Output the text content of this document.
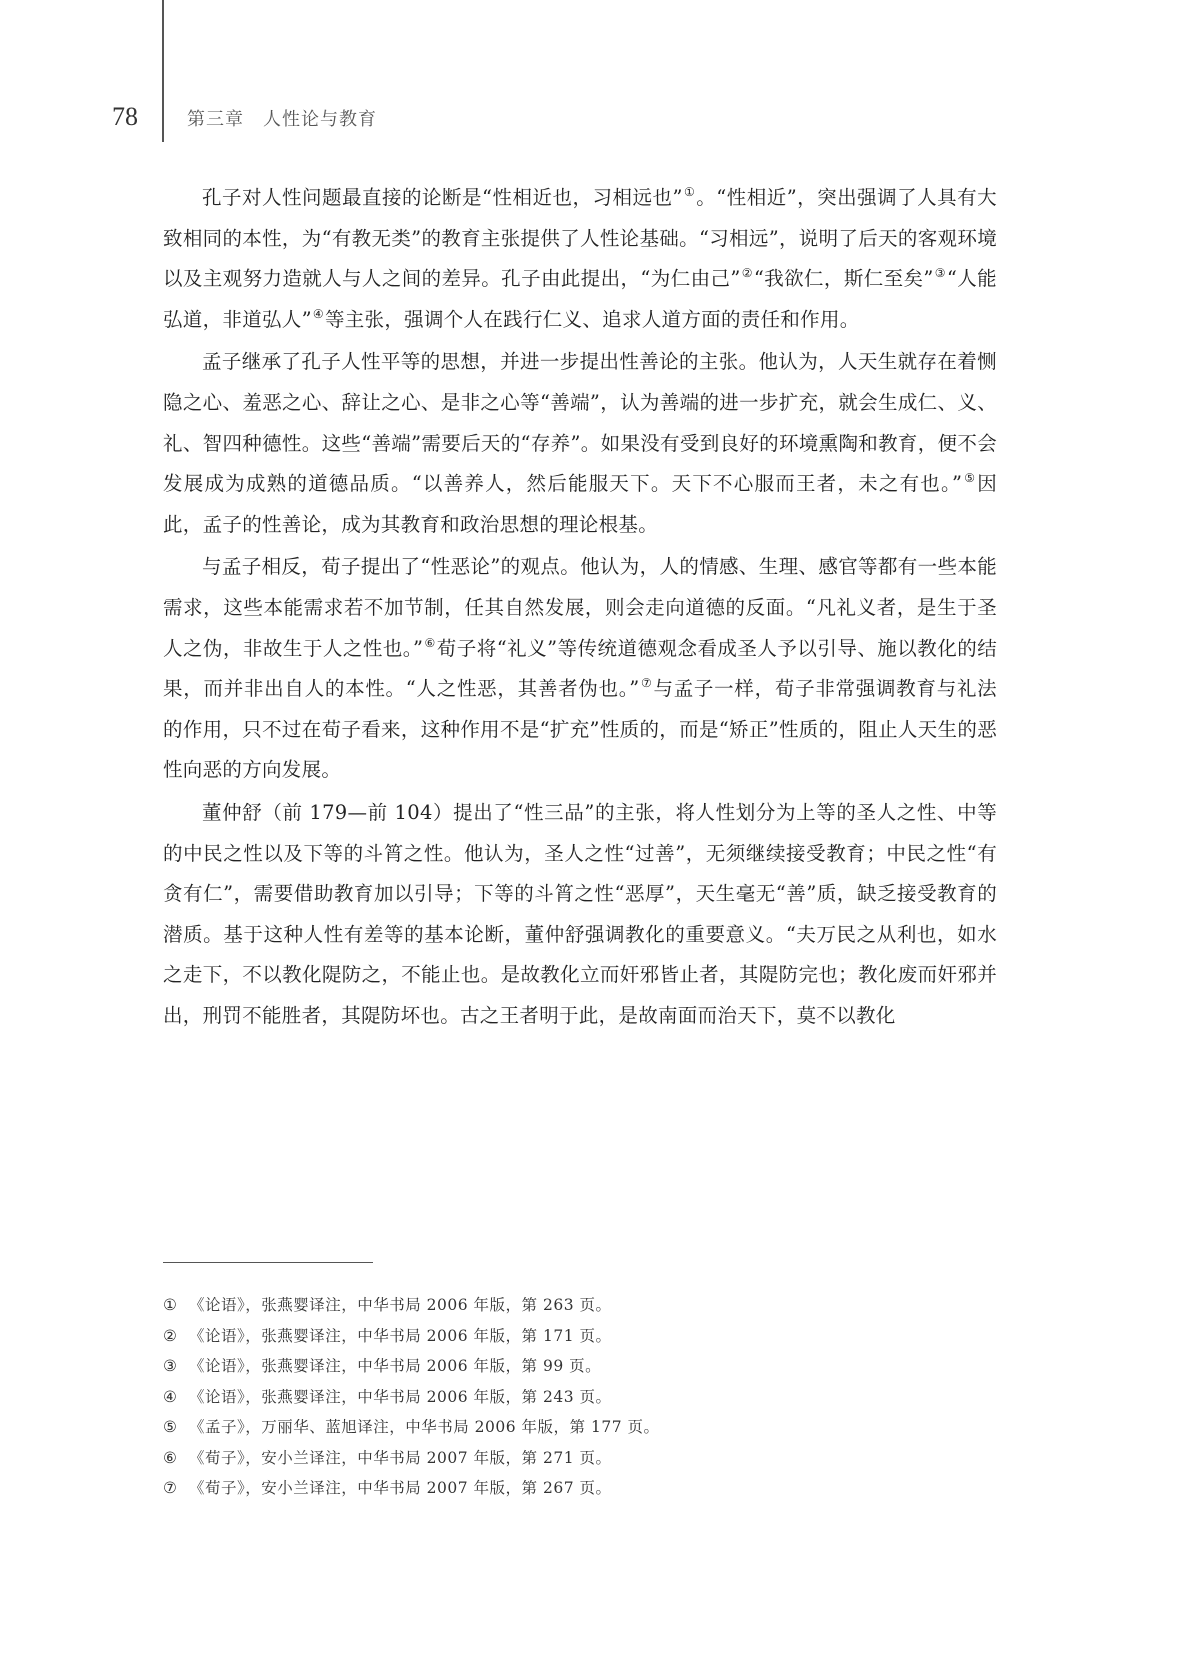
78	第三章　人性论与教育

孔子对人性问题最直接的论断是“性相近也，习相远也”①。“性相近”，突出强调了人具有大致相同的本性，为“有教无类”的教育主张提供了人性论基础。“习相远”，说明了后天的客观环境以及主观努力造就人与人之间的差异。孔子由此提出，“为仁由己”②“我欲仁，斯仁至矣”③“人能弘道，非道弘人”④等主张，强调个人在践行仁义、追求人道方面的责任和作用。

孟子继承了孔子人性平等的思想，并进一步提出性善论的主张。他认为，人天生就存在着恻隐之心、羞恶之心、辞让之心、是非之心等“善端”，认为善端的进一步扩充，就会生成仁、义、礼、智四种德性。这些“善端”需要后天的“存养”。如果没有受到良好的环境熏陶和教育，便不会发展成为成熟的道德品质。“以善养人，然后能服天下。天下不心服而王者，未之有也。”⑤因此，孟子的性善论，成为其教育和政治思想的理论根基。

与孟子相反，荀子提出了“性恶论”的观点。他认为，人的情感、生理、感官等都有一些本能需求，这些本能需求若不加节制，任其自然发展，则会走向道德的反面。“凡礼义者，是生于圣人之伪，非故生于人之性也。”⑥荀子将“礼义”等传统道德观念看成圣人予以引导、施以教化的结果，而并非出自人的本性。“人之性恶，其善者伪也。”⑦与孟子一样，荀子非常强调教育与礼法的作用，只不过在荀子看来，这种作用不是“扩充”性质的，而是“矫正”性质的，阻止人天生的恶性向恶的方向发展。

董仲舒（前 179—前 104）提出了“性三品”的主张，将人性划分为上等的圣人之性、中等的中民之性以及下等的斗筲之性。他认为，圣人之性“过善”，无须继续接受教育；中民之性“有贪有仁”，需要借助教育加以引导；下等的斗筲之性“恶厚”，天生毫无“善”质，缺乏接受教育的潜质。基于这种人性有差等的基本论断，董仲舒强调教化的重要意义。“夫万民之从利也，如水之走下，不以教化隄防之，不能止也。是故教化立而奸邪皆止者，其隄防完也；教化废而奸邪并出，刑罚不能胜者，其隄防坏也。古之王者明于此，是故南面而治天下，莫不以教化

① 《论语》，张燕婴译注，中华书局 2006 年版，第 263 页。
② 《论语》，张燕婴译注，中华书局 2006 年版，第 171 页。
③ 《论语》，张燕婴译注，中华书局 2006 年版，第 99 页。
④ 《论语》，张燕婴译注，中华书局 2006 年版，第 243 页。
⑤ 《孟子》，万丽华、蓝旭译注，中华书局 2006 年版，第 177 页。
⑥ 《荀子》，安小兰译注，中华书局 2007 年版，第 271 页。
⑦ 《荀子》，安小兰译注，中华书局 2007 年版，第 267 页。
